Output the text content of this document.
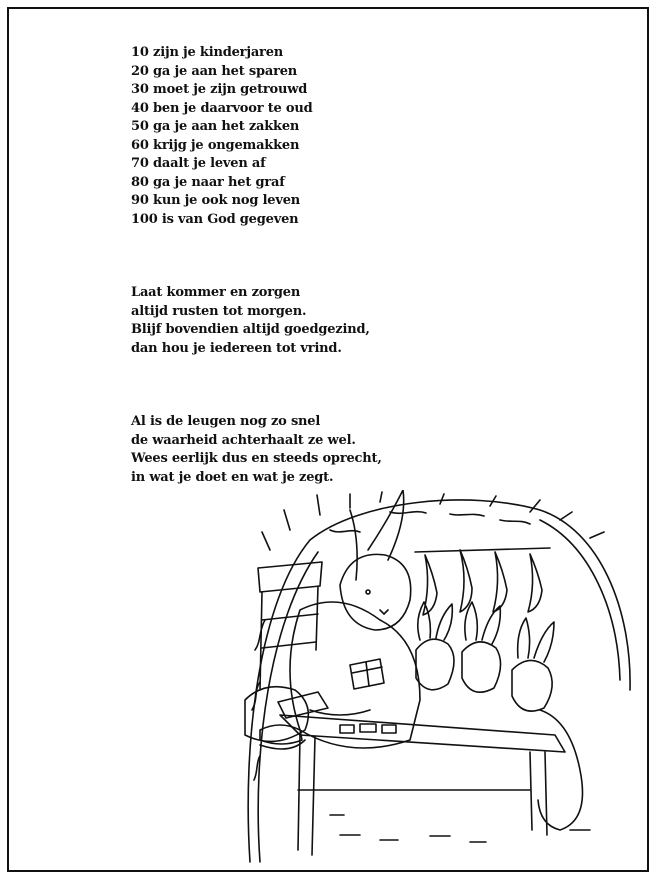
10 zijn je kinderjaren
20 ga je aan het sparen
30 moet je zijn getrouwd
40 ben je daarvoor te oud
50 ga je aan het zakken
60 krijg je ongemakken
70 daalt je leven af
80 ga je naar het graf
90 kun je ook nog leven
100 is van God gegeven
Laat kommer en zorgen
altijd rusten tot morgen.
Blijf bovendien altijd goedgezind,
dan hou je iedereen tot vrind.
Al is de leugen nog zo snel
de waarheid achterhaalt ze wel.
Wees eerlijk dus en steeds oprecht,
in wat je doet en wat je zegt.
